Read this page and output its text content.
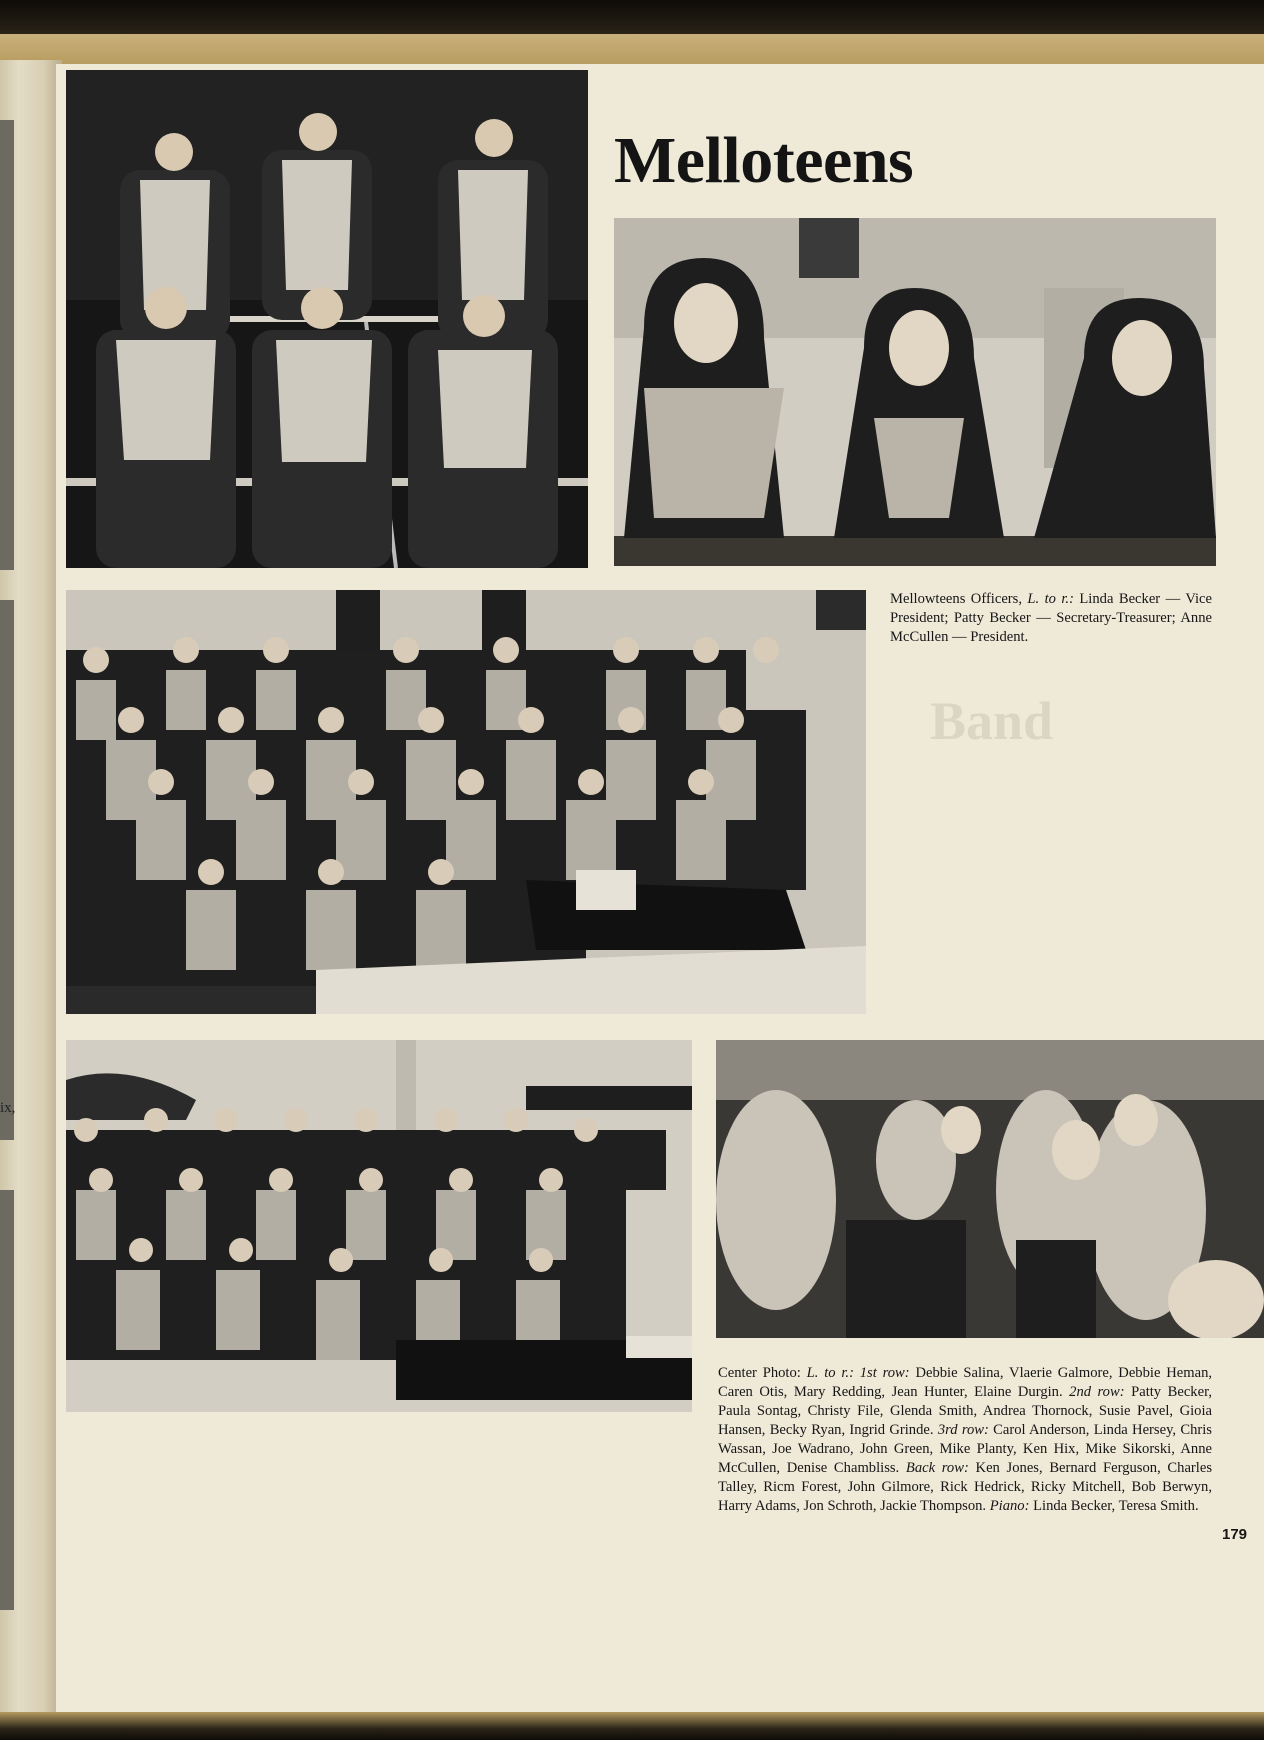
ix,
Band
Melloteens
Mellowteens Officers, L. to r.: Linda Becker — Vice President; Patty Becker — Secretary-Treasurer; Anne McCullen — President.
Center Photo: L. to r.: 1st row: Debbie Salina, Vlaerie Galmore, Debbie Heman, Caren Otis, Mary Redding, Jean Hunter, Elaine Durgin. 2nd row: Patty Becker, Paula Sontag, Christy File, Glenda Smith, Andrea Thornock, Susie Pavel, Gioia Hansen, Becky Ryan, Ingrid Grinde. 3rd row: Carol Anderson, Linda Hersey, Chris Wassan, Joe Wadrano, John Green, Mike Planty, Ken Hix, Mike Sikorski, Anne McCullen, Denise Chambliss. Back row: Ken Jones, Bernard Ferguson, Charles Talley, Ricm Forest, John Gilmore, Rick Hedrick, Ricky Mitchell, Bob Berwyn, Harry Adams, Jon Schroth, Jackie Thompson. Piano: Linda Becker, Teresa Smith.
179
